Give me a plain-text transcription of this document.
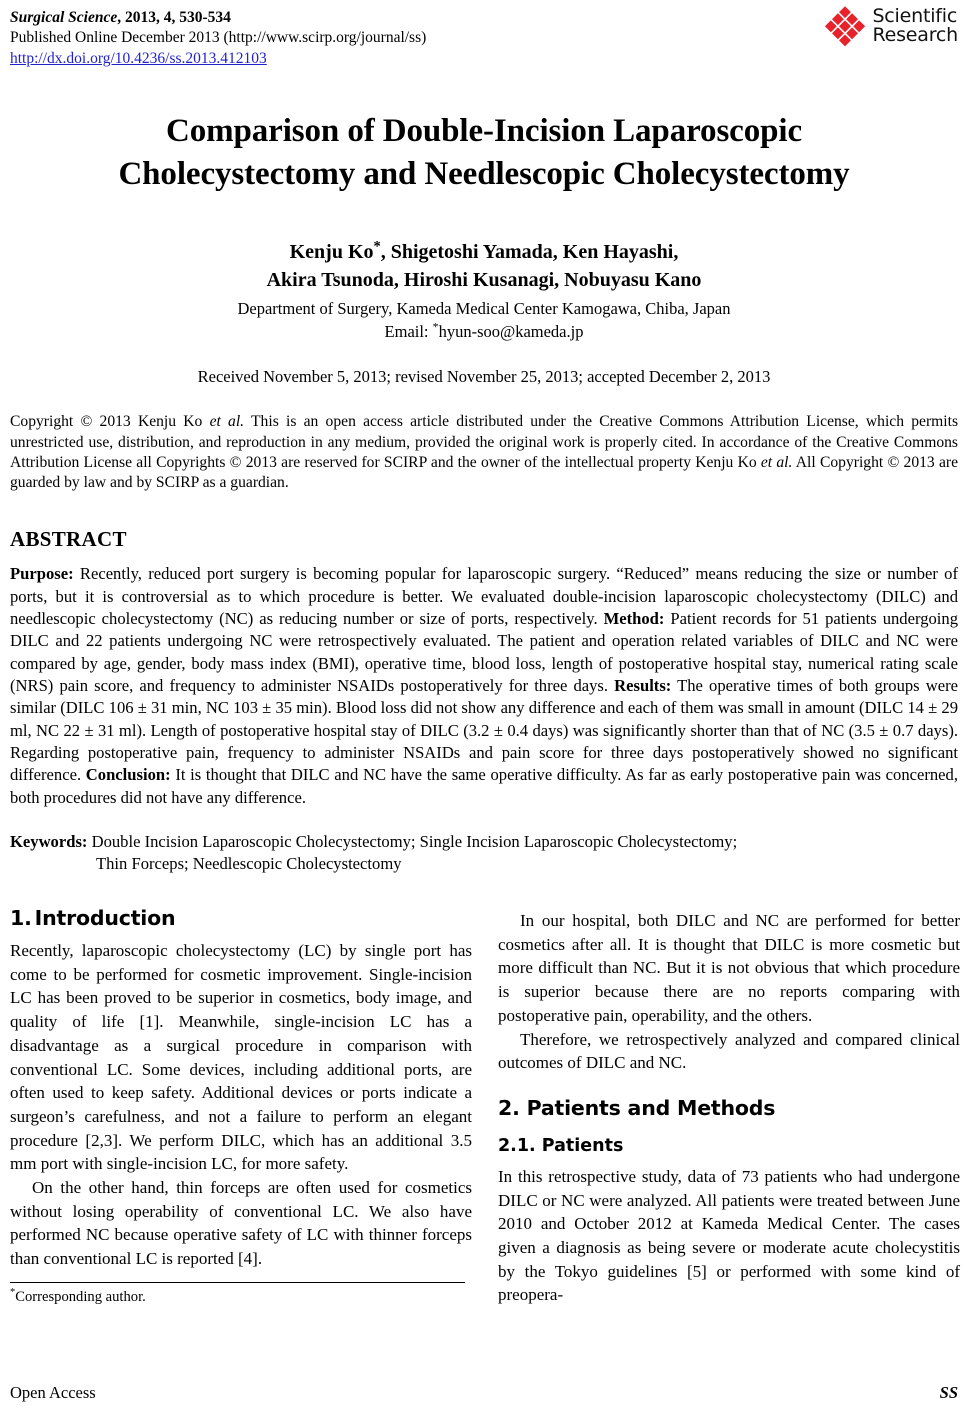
Surgical Science, 2013, 4, 530-534
Published Online December 2013 (http://www.scirp.org/journal/ss)
http://dx.doi.org/10.4236/ss.2013.412103
Scientific
Research
Comparison of Double-Incision Laparoscopic Cholecystectomy and Needlescopic Cholecystectomy
Kenju Ko*, Shigetoshi Yamada, Ken Hayashi,
Akira Tsunoda, Hiroshi Kusanagi, Nobuyasu Kano
Department of Surgery, Kameda Medical Center Kamogawa, Chiba, Japan
Email: *hyun-soo@kameda.jp
Received November 5, 2013; revised November 25, 2013; accepted December 2, 2013
Copyright © 2013 Kenju Ko et al. This is an open access article distributed under the Creative Commons Attribution License, which permits unrestricted use, distribution, and reproduction in any medium, provided the original work is properly cited. In accordance of the Creative Commons Attribution License all Copyrights © 2013 are reserved for SCIRP and the owner of the intellectual property Kenju Ko et al. All Copyright © 2013 are guarded by law and by SCIRP as a guardian.
ABSTRACT
Purpose: Recently, reduced port surgery is becoming popular for laparoscopic surgery. “Reduced” means reducing the size or number of ports, but it is controversial as to which procedure is better. We evaluated double-incision laparoscopic cholecystectomy (DILC) and needlescopic cholecystectomy (NC) as reducing number or size of ports, respectively. Method: Patient records for 51 patients undergoing DILC and 22 patients undergoing NC were retrospectively evaluated. The patient and operation related variables of DILC and NC were compared by age, gender, body mass index (BMI), operative time, blood loss, length of postoperative hospital stay, numerical rating scale (NRS) pain score, and frequency to administer NSAIDs postoperatively for three days. Results: The operative times of both groups were similar (DILC 106 ± 31 min, NC 103 ± 35 min). Blood loss did not show any difference and each of them was small in amount (DILC 14 ± 29 ml, NC 22 ± 31 ml). Length of postoperative hospital stay of DILC (3.2 ± 0.4 days) was significantly shorter than that of NC (3.5 ± 0.7 days). Regarding postoperative pain, frequency to administer NSAIDs and pain score for three days postoperatively showed no significant difference. Conclusion: It is thought that DILC and NC have the same operative difficulty. As far as early postoperative pain was concerned, both procedures did not have any difference.
Keywords: Double Incision Laparoscopic Cholecystectomy; Single Incision Laparoscopic Cholecystectomy;
Thin Forceps; Needlescopic Cholecystectomy
1. Introduction

Recently, laparoscopic cholecystectomy (LC) by single port has come to be performed for cosmetic improvement. Single-incision LC has been proved to be superior in cosmetics, body image, and quality of life [1]. Meanwhile, single-incision LC has a disadvantage as a surgical procedure in comparison with conventional LC. Some devices, including additional ports, are often used to keep safety. Additional devices or ports indicate a surgeon’s carefulness, and not a failure to perform an elegant procedure [2,3]. We perform DILC, which has an additional 3.5 mm port with single-incision LC, for more safety.

On the other hand, thin forceps are often used for cosmetics without losing operability of conventional LC. We also have performed NC because operative safety of LC with thinner forceps than conventional LC is reported [4].

*Corresponding author.

In our hospital, both DILC and NC are performed for better cosmetics after all. It is thought that DILC is more cosmetic but more difficult than NC. But it is not obvious that which procedure is superior because there are no reports comparing with postoperative pain, operability, and the others.

Therefore, we retrospectively analyzed and compared clinical outcomes of DILC and NC.

2. Patients and Methods
2.1. Patients

In this retrospective study, data of 73 patients who had undergone DILC or NC were analyzed. All patients were treated between June 2010 and October 2012 at Kameda Medical Center. The cases given a diagnosis as being severe or moderate acute cholecystitis by the Tokyo guidelines [5] or performed with some kind of preopera-

Open Access	SS
